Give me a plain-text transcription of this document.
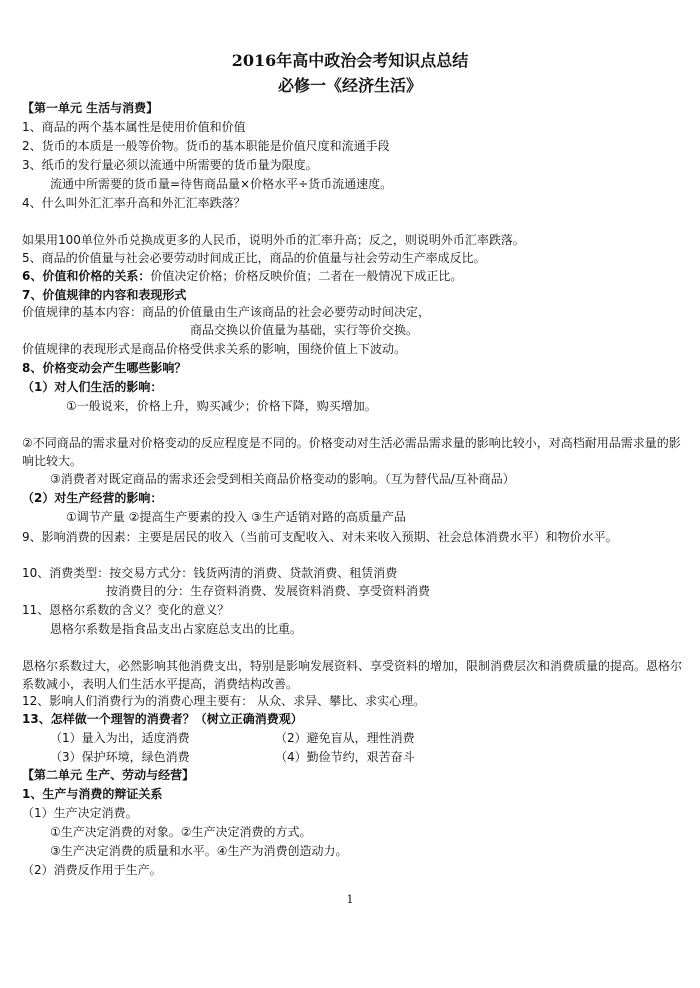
2016年高中政治会考知识点总结
必修一《经济生活》
【第一单元 生活与消费】
1、商品的两个基本属性是使用价值和价值
2、货币的本质是一般等价物。货币的基本职能是价值尺度和流通手段
3、纸币的发行量必须以流通中所需要的货币量为限度。
流通中所需要的货币量=待售商品量×价格水平÷货币流通速度。
4、什么叫外汇汇率升高和外汇汇率跌落？
如果用100单位外币兑换成更多的人民币，说明外币的汇率升高；反之，则说明外币汇率跌落。
5、商品的价值量与社会必要劳动时间成正比，商品的价值量与社会劳动生产率成反比。
6、价值和价格的关系：价值决定价格；价格反映价值；二者在一般情况下成正比。
7、价值规律的内容和表现形式
价值规律的基本内容：商品的价值量由生产该商品的社会必要劳动时间决定，
商品交换以价值量为基础，实行等价交换。
价值规律的表现形式是商品价格受供求关系的影响，围绕价值上下波动。
8、价格变动会产生哪些影响？
（1）对人们生活的影响：
①一般说来，价格上升，购买减少；价格下降，购买增加。
②不同商品的需求量对价格变动的反应程度是不同的。价格变动对生活必需品需求量的影响比较小，对高档耐用品需求量的影响比较大。
③消费者对既定商品的需求还会受到相关商品价格变动的影响。（互为替代品/互补商品）
（2）对生产经营的影响：
①调节产量 ②提高生产要素的投入 ③生产适销对路的高质量产品
9、影响消费的因素：主要是居民的收入（当前可支配收入、对未来收入预期、社会总体消费水平）和物价水平。
10、消费类型：按交易方式分：钱货两清的消费、贷款消费、租赁消费
按消费目的分：生存资料消费、发展资料消费、享受资料消费
11、恩格尔系数的含义？变化的意义？
恩格尔系数是指食品支出占家庭总支出的比重。
恩格尔系数过大，必然影响其他消费支出，特别是影响发展资料、享受资料的增加，限制消费层次和消费质量的提高。恩格尔系数减小，表明人们生活水平提高，消费结构改善。
12、影响人们消费行为的消费心理主要有： 从众、求异、攀比、求实心理。
13、怎样做一个理智的消费者？（树立正确消费观）
（1）量入为出，适度消费	（2）避免盲从，理性消费
（3）保护环境，绿色消费	（4）勤俭节约，艰苦奋斗
【第二单元 生产、劳动与经营】
1、生产与消费的辩证关系
（1）生产决定消费。
①生产决定消费的对象。②生产决定消费的方式。
③生产决定消费的质量和水平。④生产为消费创造动力。
（2）消费反作用于生产。
1
